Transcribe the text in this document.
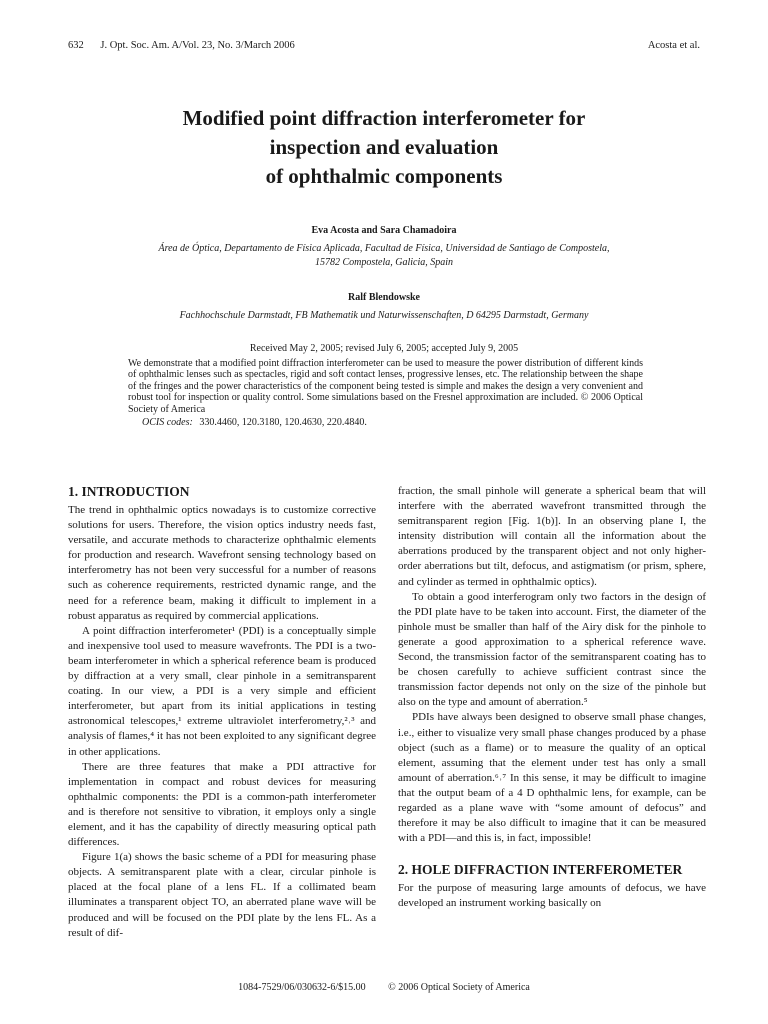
632 J. Opt. Soc. Am. A/Vol. 23, No. 3/March 2006	Acosta et al.
Modified point diffraction interferometer for
inspection and evaluation
of ophthalmic components
Eva Acosta and Sara Chamadoira
Área de Óptica, Departamento de Física Aplicada, Facultad de Física, Universidad de Santiago de Compostela,
15782 Compostela, Galicia, Spain
Ralf Blendowske
Fachhochschule Darmstadt, FB Mathematik und Naturwissenschaften, D 64295 Darmstadt, Germany
Received May 2, 2005; revised July 6, 2005; accepted July 9, 2005
We demonstrate that a modified point diffraction interferometer can be used to measure the power distribution of different kinds of ophthalmic lenses such as spectacles, rigid and soft contact lenses, progressive lenses, etc. The relationship between the shape of the fringes and the power characteristics of the component being tested is simple and makes the design a very convenient and robust tool for inspection or quality control. Some simulations based on the Fresnel approximation are included. © 2006 Optical Society of America
OCIS codes: 330.4460, 120.3180, 120.4630, 220.4840.
1. INTRODUCTION

The trend in ophthalmic optics nowadays is to customize corrective solutions for users. Therefore, the vision optics industry needs fast, versatile, and accurate methods to characterize ophthalmic elements for production and research. Wavefront sensing technology based on interferometry has not been very successful for a number of reasons such as coherence requirements, restricted dynamic range, and the need for a reference beam, making it difficult to implement in a robust apparatus as required by commercial applications.

A point diffraction interferometer¹ (PDI) is a conceptually simple and inexpensive tool used to measure wavefronts. The PDI is a two-beam interferometer in which a spherical reference beam is produced by diffraction at a very small, clear pinhole in a semitransparent coating. In our view, a PDI is a very simple and efficient interferometer, but apart from its initial applications in testing astronomical telescopes,¹ extreme ultraviolet interferometry,²˒³ and analysis of flames,⁴ it has not been exploited to any significant degree in other applications.

There are three features that make a PDI attractive for implementation in compact and robust devices for measuring ophthalmic components: the PDI is a common-path interferometer and is therefore not sensitive to vibration, it employs only a single element, and it has the capability of directly measuring optical path differences.

Figure 1(a) shows the basic scheme of a PDI for measuring phase objects. A semitransparent plate with a clear, circular pinhole is placed at the focal plane of a lens FL. If a collimated beam illuminates a transparent object TO, an aberrated plane wave will be produced and will be focused on the PDI plate by the lens FL. As a result of dif-

fraction, the small pinhole will generate a spherical beam that will interfere with the aberrated wavefront transmitted through the semitransparent region [Fig. 1(b)]. In an observing plane I, the intensity distribution will contain all the information about the aberrations produced by the transparent object and not only higher-order aberrations but tilt, defocus, and astigmatism (or prism, sphere, and cylinder as termed in ophthalmic optics).

To obtain a good interferogram only two factors in the design of the PDI plate have to be taken into account. First, the diameter of the pinhole must be smaller than half of the Airy disk for the pinhole to generate a good approximation to a spherical reference wave. Second, the transmission factor of the semitransparent coating has to be chosen carefully to achieve sufficient contrast since the transmission factor depends not only on the size of the pinhole but also on the type and amount of aberration.⁵

PDIs have always been designed to observe small phase changes, i.e., either to visualize very small phase changes produced by a phase object (such as a flame) or to measure the quality of an optical element, assuming that the element under test has only a small amount of aberration.⁶˒⁷ In this sense, it may be difficult to imagine that the output beam of a 4 D ophthalmic lens, for example, can be regarded as a plane wave with “some amount of defocus” and therefore it may be also difficult to imagine that it can be measured with a PDI—and this is, in fact, impossible!

2. HOLE DIFFRACTION INTERFEROMETER

For the purpose of measuring large amounts of defocus, we have developed an instrument working basically on

1084-7529/06/030632-6/$15.00 © 2006 Optical Society of America
